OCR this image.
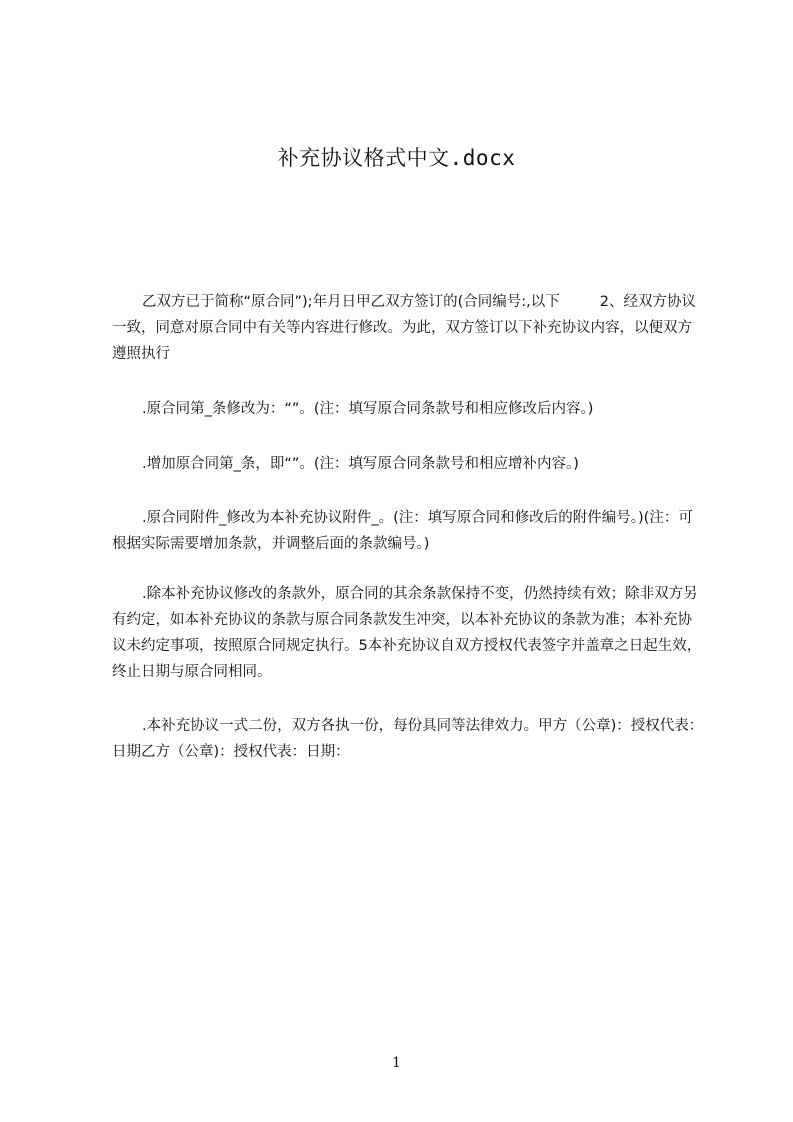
补充协议格式中文.docx

乙双方已于简称“原合同”);年月日甲乙双方签订的(合同编号:,以下	2、经双方协议一致，同意对原合同中有关等内容进行修改。为此，双方签订以下补充协议内容，以便双方遵照执行

.原合同第_条修改为：“”。(注：填写原合同条款号和相应修改后内容。)

.增加原合同第_条，即“”。(注：填写原合同条款号和相应增补内容。)

.原合同附件_修改为本补充协议附件_。(注：填写原合同和修改后的附件编号。)(注：可根据实际需要增加条款，并调整后面的条款编号。)

.除本补充协议修改的条款外，原合同的其余条款保持不变，仍然持续有效；除非双方另有约定，如本补充协议的条款与原合同条款发生冲突，以本补充协议的条款为准；本补充协议未约定事项，按照原合同规定执行。5本补充协议自双方授权代表签字并盖章之日起生效，终止日期与原合同相同。

.本补充协议一式二份，双方各执一份，每份具同等法律效力。甲方（公章)：授权代表：日期乙方（公章)：授权代表：日期：

1
